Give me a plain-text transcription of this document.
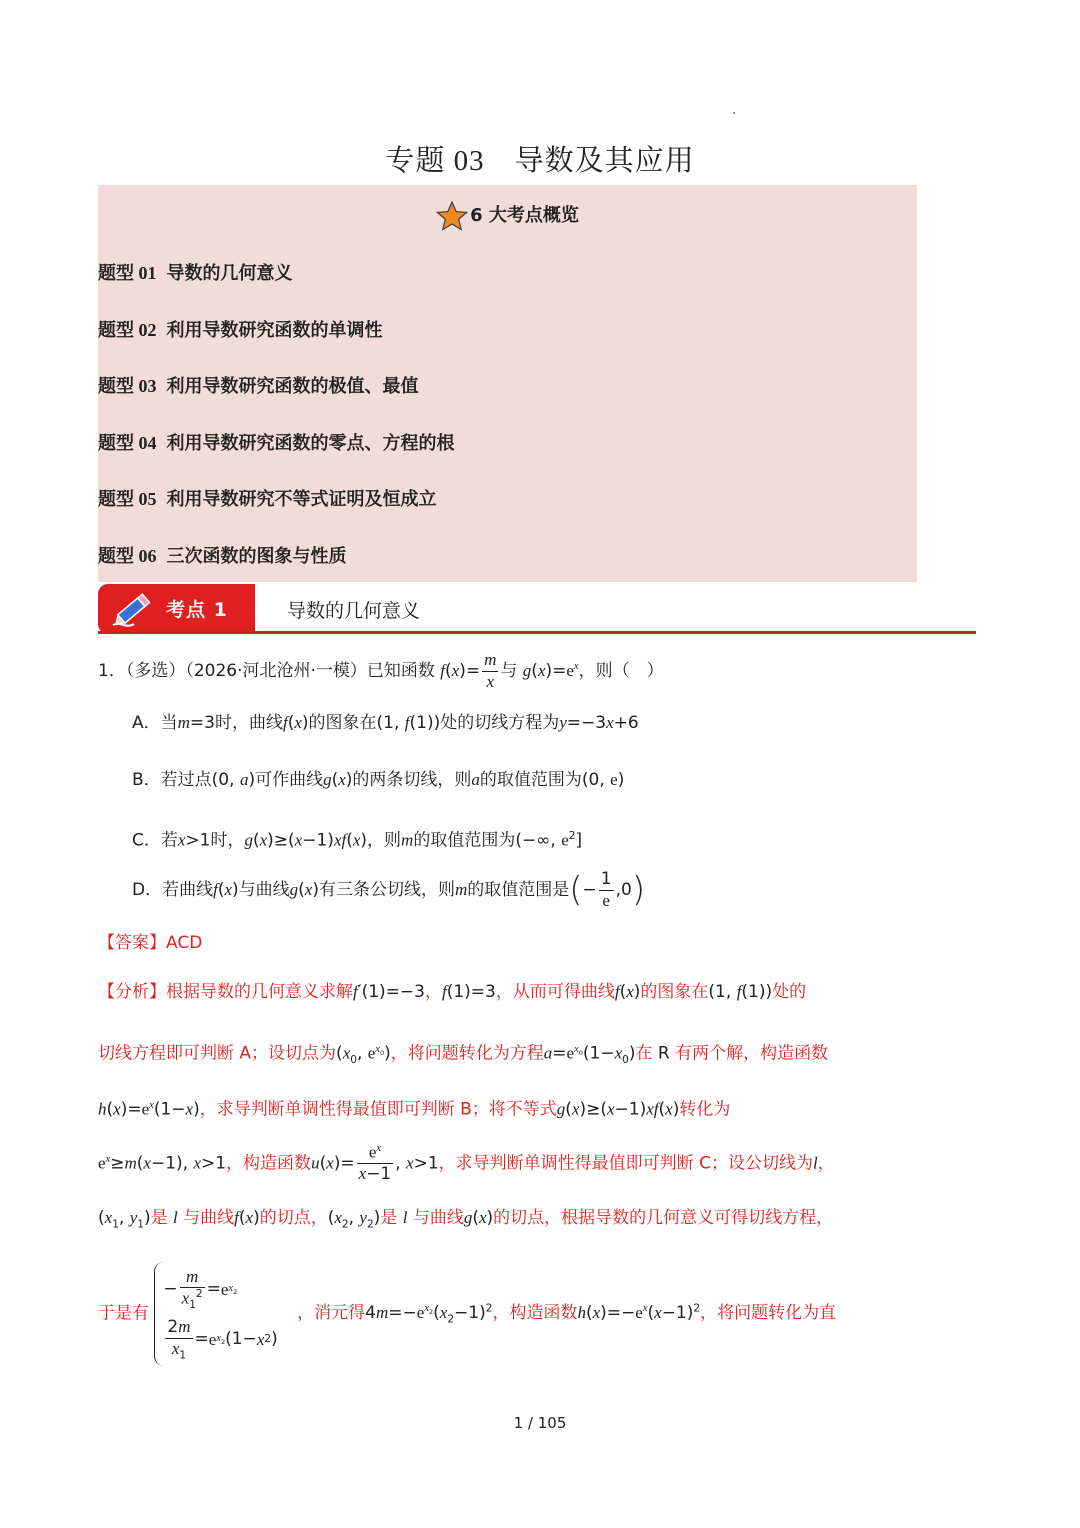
专题 03 导数及其应用
6 大考点概览
题型 01 导数的几何意义
题型 02 利用导数研究函数的单调性
题型 03 利用导数研究函数的极值、最值
题型 04 利用导数研究函数的零点、方程的根
题型 05 利用导数研究不等式证明及恒成立
题型 06 三次函数的图象与性质
考点 1	导数的几何意义
1．（多选）（2026·河北沧州·一模）已知函数 $f(x)= \frac{m}{x}$ 与 $g(x)=e^x$，则（　）
A．当m=3时，曲线f(x)的图象在(1, f(1))处的切线方程为y=−3x+6
B．若过点(0, a)可作曲线g(x)的两条切线，则a的取值范围为(0, e)
C．若x>1时，g(x)≥(x−1)xf(x)，则m的取值范围为(−∞, $e^2$]
D．若曲线f(x)与曲线g(x)有三条公切线，则m的取值范围是(− $\frac{1}{e} ,0$)
【答案】ACD
【分析】根据导数的几何意义求解f′(1)=−3，f(1)=3，从而可得曲线f(x)的图象在(1, f(1))处的
切线方程即可判断 A；设切点为($x_0$, $e^{x_0}$)，将问题转化为方程$a=e^{x_0}(1-x_0)$在 R 有两个解，构造函数
$h(x)=e^x(1-x)$，求导判断单调性得最值即可判断 B；将不等式g(x)≥(x−1)xf(x)转化为
$e^x\ge m(x-1)$, x>1，构造函数$u(x)= \frac{e^x}{x-1}$ , x>1，求导判断单调性得最值即可判断 C；设公切线为l，
($x_1$, $y_1$)是 l 与曲线f(x)的切点，($x_2$, $y_2$)是 l 与曲线g(x)的切点，根据导数的几何意义可得切线方程，
于是有
− $\frac{m}{x_1^2} = e$ $x_2$
$\frac{2m}{x_1} = e$ $x_2$ (1− x 2 )
，消元得$4m=-e^{x_2}(x_2-1)^2$，构造函数$h(x)=-e^x(x-1)^2$，将问题转化为直
1 / 105
